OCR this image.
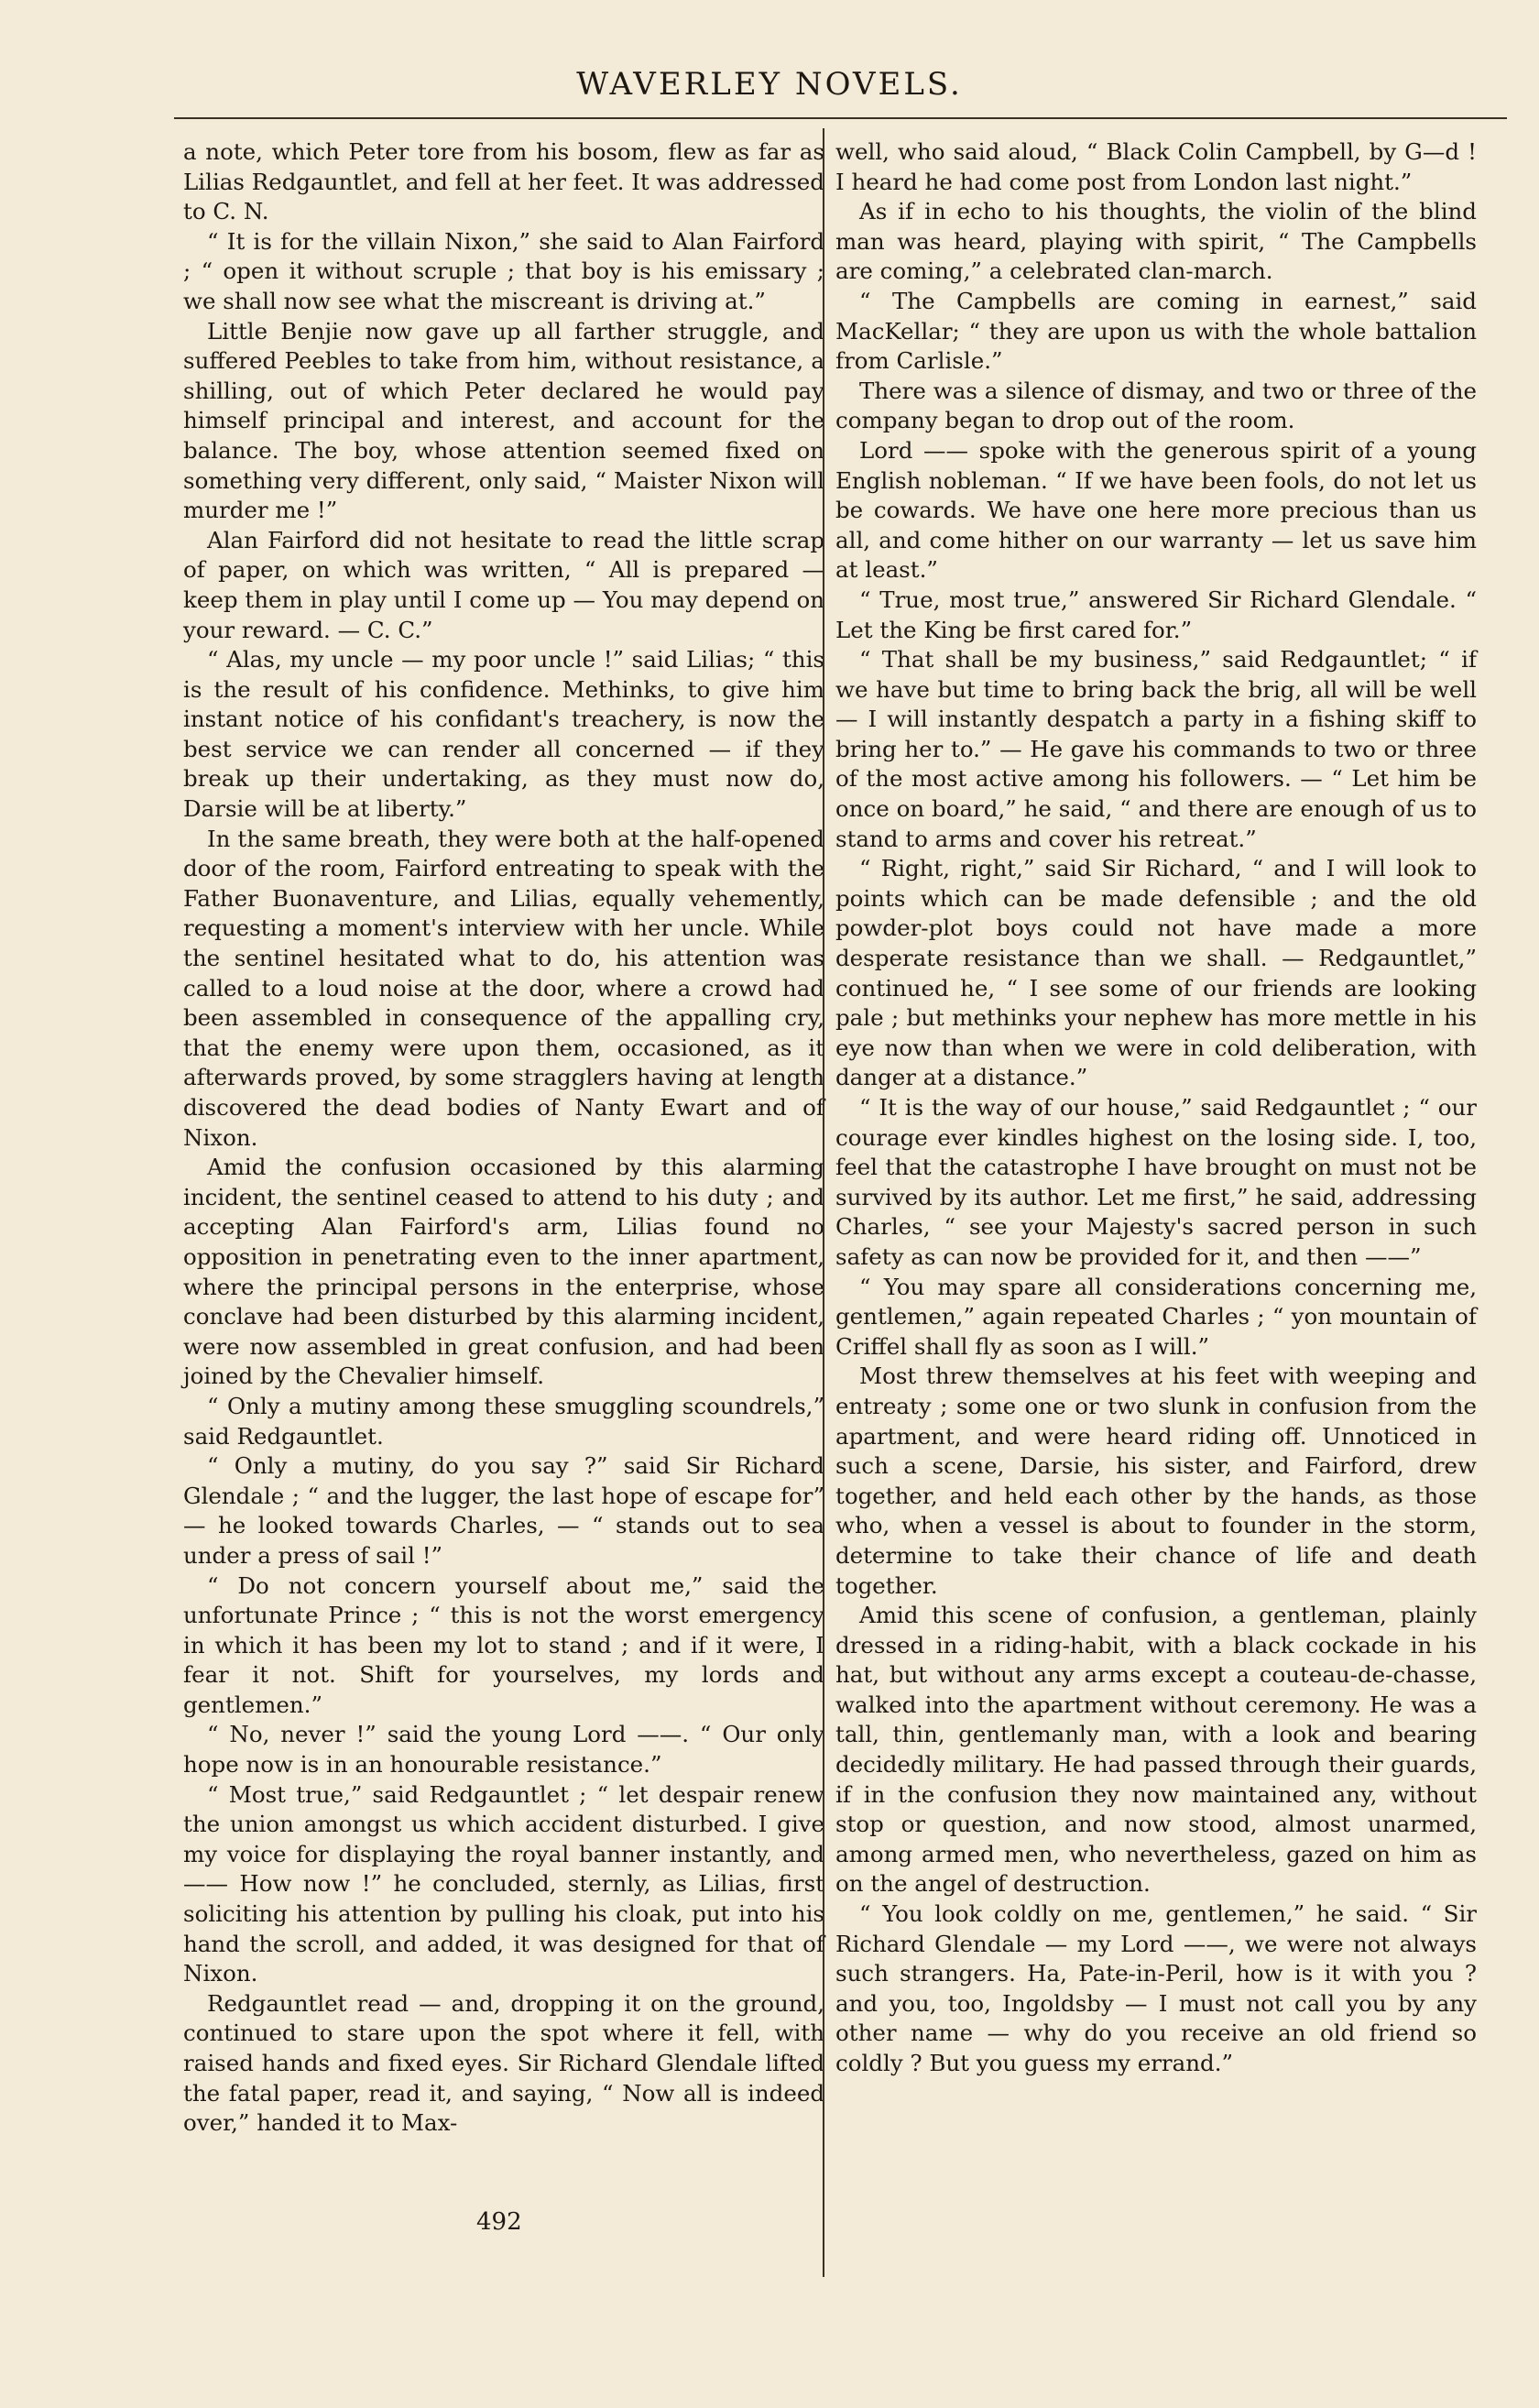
WAVERLEY NOVELS.

a note, which Peter tore from his bosom, flew as far as Lilias Redgauntlet, and fell at her feet. It was addressed to C. N.

“ It is for the villain Nixon,” she said to Alan Fairford ; “ open it without scruple ; that boy is his emissary ; we shall now see what the miscreant is driving at.”

Little Benjie now gave up all farther struggle, and suffered Peebles to take from him, without resistance, a shilling, out of which Peter declared he would pay himself principal and interest, and account for the balance. The boy, whose attention seemed fixed on something very different, only said, “ Maister Nixon will murder me !”

Alan Fairford did not hesitate to read the little scrap of paper, on which was written, “ All is prepared — keep them in play until I come up — You may depend on your reward. — C. C.”

“ Alas, my uncle — my poor uncle !” said Lilias; “ this is the result of his confidence. Methinks, to give him instant notice of his confidant's treachery, is now the best service we can render all concerned — if they break up their undertaking, as they must now do, Darsie will be at liberty.”

In the same breath, they were both at the half-opened door of the room, Fairford entreating to speak with the Father Buonaventure, and Lilias, equally vehemently, requesting a moment's interview with her uncle. While the sentinel hesitated what to do, his attention was called to a loud noise at the door, where a crowd had been assembled in consequence of the appalling cry, that the enemy were upon them, occasioned, as it afterwards proved, by some stragglers having at length discovered the dead bodies of Nanty Ewart and of Nixon.

Amid the confusion occasioned by this alarming incident, the sentinel ceased to attend to his duty ; and accepting Alan Fairford's arm, Lilias found no opposition in penetrating even to the inner apartment, where the principal persons in the enterprise, whose conclave had been disturbed by this alarming incident, were now assembled in great confusion, and had been joined by the Chevalier himself.

“ Only a mutiny among these smuggling scoundrels,” said Redgauntlet.

“ Only a mutiny, do you say ?” said Sir Richard Glendale ; “ and the lugger, the last hope of escape for” — he looked towards Charles, — “ stands out to sea under a press of sail !”

“ Do not concern yourself about me,” said the unfortunate Prince ; “ this is not the worst emergency in which it has been my lot to stand ; and if it were, I fear it not. Shift for yourselves, my lords and gentlemen.”

“ No, never !” said the young Lord ——. “ Our only hope now is in an honourable resistance.”

“ Most true,” said Redgauntlet ; “ let despair renew the union amongst us which accident disturbed. I give my voice for displaying the royal banner instantly, and —— How now !” he concluded, sternly, as Lilias, first soliciting his attention by pulling his cloak, put into his hand the scroll, and added, it was designed for that of Nixon.

Redgauntlet read — and, dropping it on the ground, continued to stare upon the spot where it fell, with raised hands and fixed eyes. Sir Richard Glendale lifted the fatal paper, read it, and saying, “ Now all is indeed over,” handed it to Max-

well, who said aloud, “ Black Colin Campbell, by G—d ! I heard he had come post from London last night.”

As if in echo to his thoughts, the violin of the blind man was heard, playing with spirit, “ The Campbells are coming,” a celebrated clan-march.

“ The Campbells are coming in earnest,” said MacKellar; “ they are upon us with the whole battalion from Carlisle.”

There was a silence of dismay, and two or three of the company began to drop out of the room.

Lord —— spoke with the generous spirit of a young English nobleman. “ If we have been fools, do not let us be cowards. We have one here more precious than us all, and come hither on our warranty — let us save him at least.”

“ True, most true,” answered Sir Richard Glendale. “ Let the King be first cared for.”

“ That shall be my business,” said Redgauntlet; “ if we have but time to bring back the brig, all will be well — I will instantly despatch a party in a fishing skiff to bring her to.” — He gave his commands to two or three of the most active among his followers. — “ Let him be once on board,” he said, “ and there are enough of us to stand to arms and cover his retreat.”

“ Right, right,” said Sir Richard, “ and I will look to points which can be made defensible ; and the old powder-plot boys could not have made a more desperate resistance than we shall. — Redgauntlet,” continued he, “ I see some of our friends are looking pale ; but methinks your nephew has more mettle in his eye now than when we were in cold deliberation, with danger at a distance.”

“ It is the way of our house,” said Redgauntlet ; “ our courage ever kindles highest on the losing side. I, too, feel that the catastrophe I have brought on must not be survived by its author. Let me first,” he said, addressing Charles, “ see your Majesty's sacred person in such safety as can now be provided for it, and then ——”

“ You may spare all considerations concerning me, gentlemen,” again repeated Charles ; “ yon mountain of Criffel shall fly as soon as I will.”

Most threw themselves at his feet with weeping and entreaty ; some one or two slunk in confusion from the apartment, and were heard riding off. Unnoticed in such a scene, Darsie, his sister, and Fairford, drew together, and held each other by the hands, as those who, when a vessel is about to founder in the storm, determine to take their chance of life and death together.

Amid this scene of confusion, a gentleman, plainly dressed in a riding-habit, with a black cockade in his hat, but without any arms except a couteau-de-chasse, walked into the apartment without ceremony. He was a tall, thin, gentlemanly man, with a look and bearing decidedly military. He had passed through their guards, if in the confusion they now maintained any, without stop or question, and now stood, almost unarmed, among armed men, who nevertheless, gazed on him as on the angel of destruction.

“ You look coldly on me, gentlemen,” he said. “ Sir Richard Glendale — my Lord ——, we were not always such strangers. Ha, Pate-in-Peril, how is it with you ? and you, too, Ingoldsby — I must not call you by any other name — why do you receive an old friend so coldly ? But you guess my errand.”

492
